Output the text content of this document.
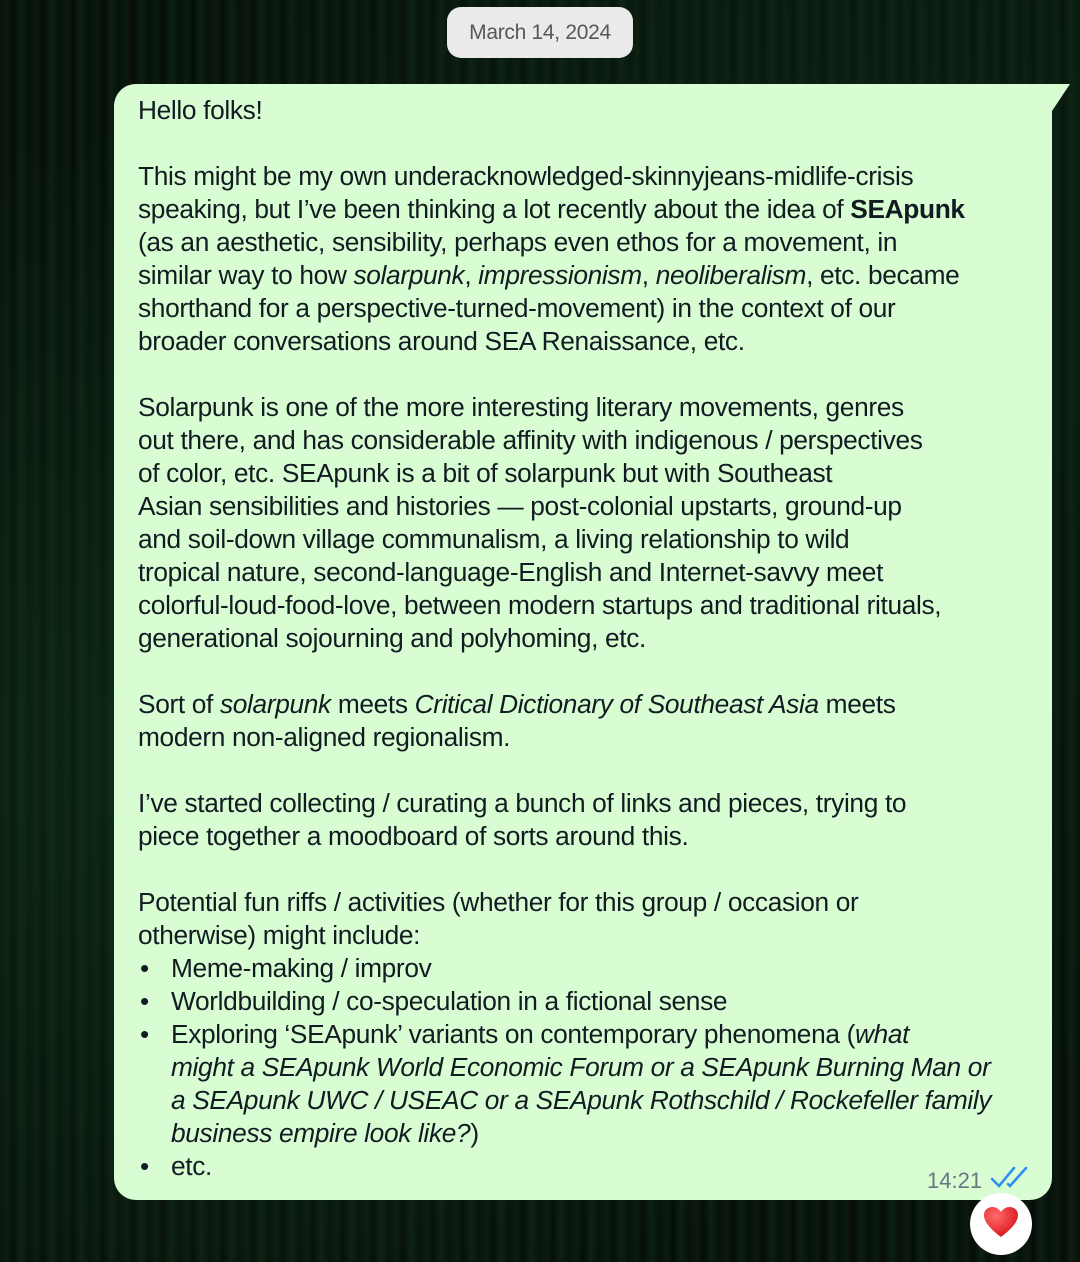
March 14, 2024
Hello folks!
This might be my own underacknowledged-skinnyjeans-midlife-crisis
speaking, but I’ve been thinking a lot recently about the idea of SEApunk
(as an aesthetic, sensibility, perhaps even ethos for a movement, in
similar way to how solarpunk, impressionism, neoliberalism, etc. became
shorthand for a perspective-turned-movement) in the context of our
broader conversations around SEA Renaissance, etc.
Solarpunk is one of the more interesting literary movements, genres
out there, and has considerable affinity with indigenous / perspectives
of color, etc. SEApunk is a bit of solarpunk but with Southeast
Asian sensibilities and histories — post-colonial upstarts, ground-up
and soil-down village communalism, a living relationship to wild
tropical nature, second-language-English and Internet-savvy meet
colorful-loud-food-love, between modern startups and traditional rituals,
generational sojourning and polyhoming, etc.
Sort of solarpunk meets Critical Dictionary of Southeast Asia meets
modern non-aligned regionalism.
I’ve started collecting / curating a bunch of links and pieces, trying to
piece together a moodboard of sorts around this.
Potential fun riffs / activities (whether for this group / occasion or
otherwise) might include:
• Meme-making / improv
• Worldbuilding / co-speculation in a fictional sense
• Exploring ‘SEApunk’ variants on contemporary phenomena (what
might a SEApunk World Economic Forum or a SEApunk Burning Man or
a SEApunk UWC / USEAC or a SEApunk Rothschild / Rockefeller family
business empire look like?)
• etc.	14:21
